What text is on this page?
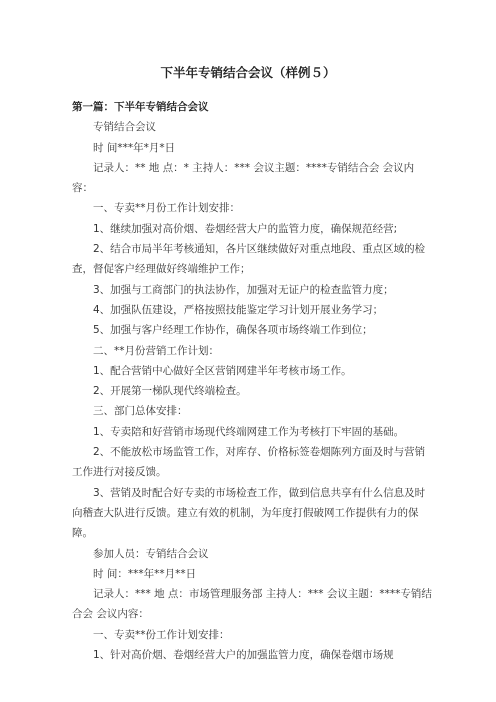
下半年专销结合会议（样例５）

第一篇：下半年专销结合会议

专销结合会议

时 间***年*月*日

记录人：** 地 点：* 主持人：*** 会议主题：****专销结合会 会议内容：

一、专卖**月份工作计划安排：

1、继续加强对高价烟、卷烟经营大户的监管力度，确保规范经营;

2、结合市局半年考核通知，各片区继续做好对重点地段、重点区域的检查，督促客户经理做好终端维护工作；

3、加强与工商部门的执法协作，加强对无证户的检查监管力度；

4、加强队伍建设，严格按照技能鉴定学习计划开展业务学习；

5、加强与客户经理工作协作，确保各项市场终端工作到位；

二、**月份营销工作计划：

1、配合营销中心做好全区营销网建半年考核市场工作。

2、开展第一梯队现代终端检查。

三、部门总体安排：

1、专卖陪和好营销市场现代终端网建工作为考核打下牢固的基础。

2、不能放松市场监管工作，对库存、价格标签卷烟陈列方面及时与营销工作进行对接反馈。

3、营销及时配合好专卖的市场检查工作，做到信息共享有什么信息及时向稽查大队进行反馈。建立有效的机制，为年度打假破网工作提供有力的保障。

参加人员：专销结合会议

时 间：***年**月**日

记录人：*** 地 点：市场管理服务部 主持人：*** 会议主题：****专销结合会 会议内容：

一、专卖**份工作计划安排：

1、针对高价烟、卷烟经营大户的加强监管力度，确保卷烟市场规
